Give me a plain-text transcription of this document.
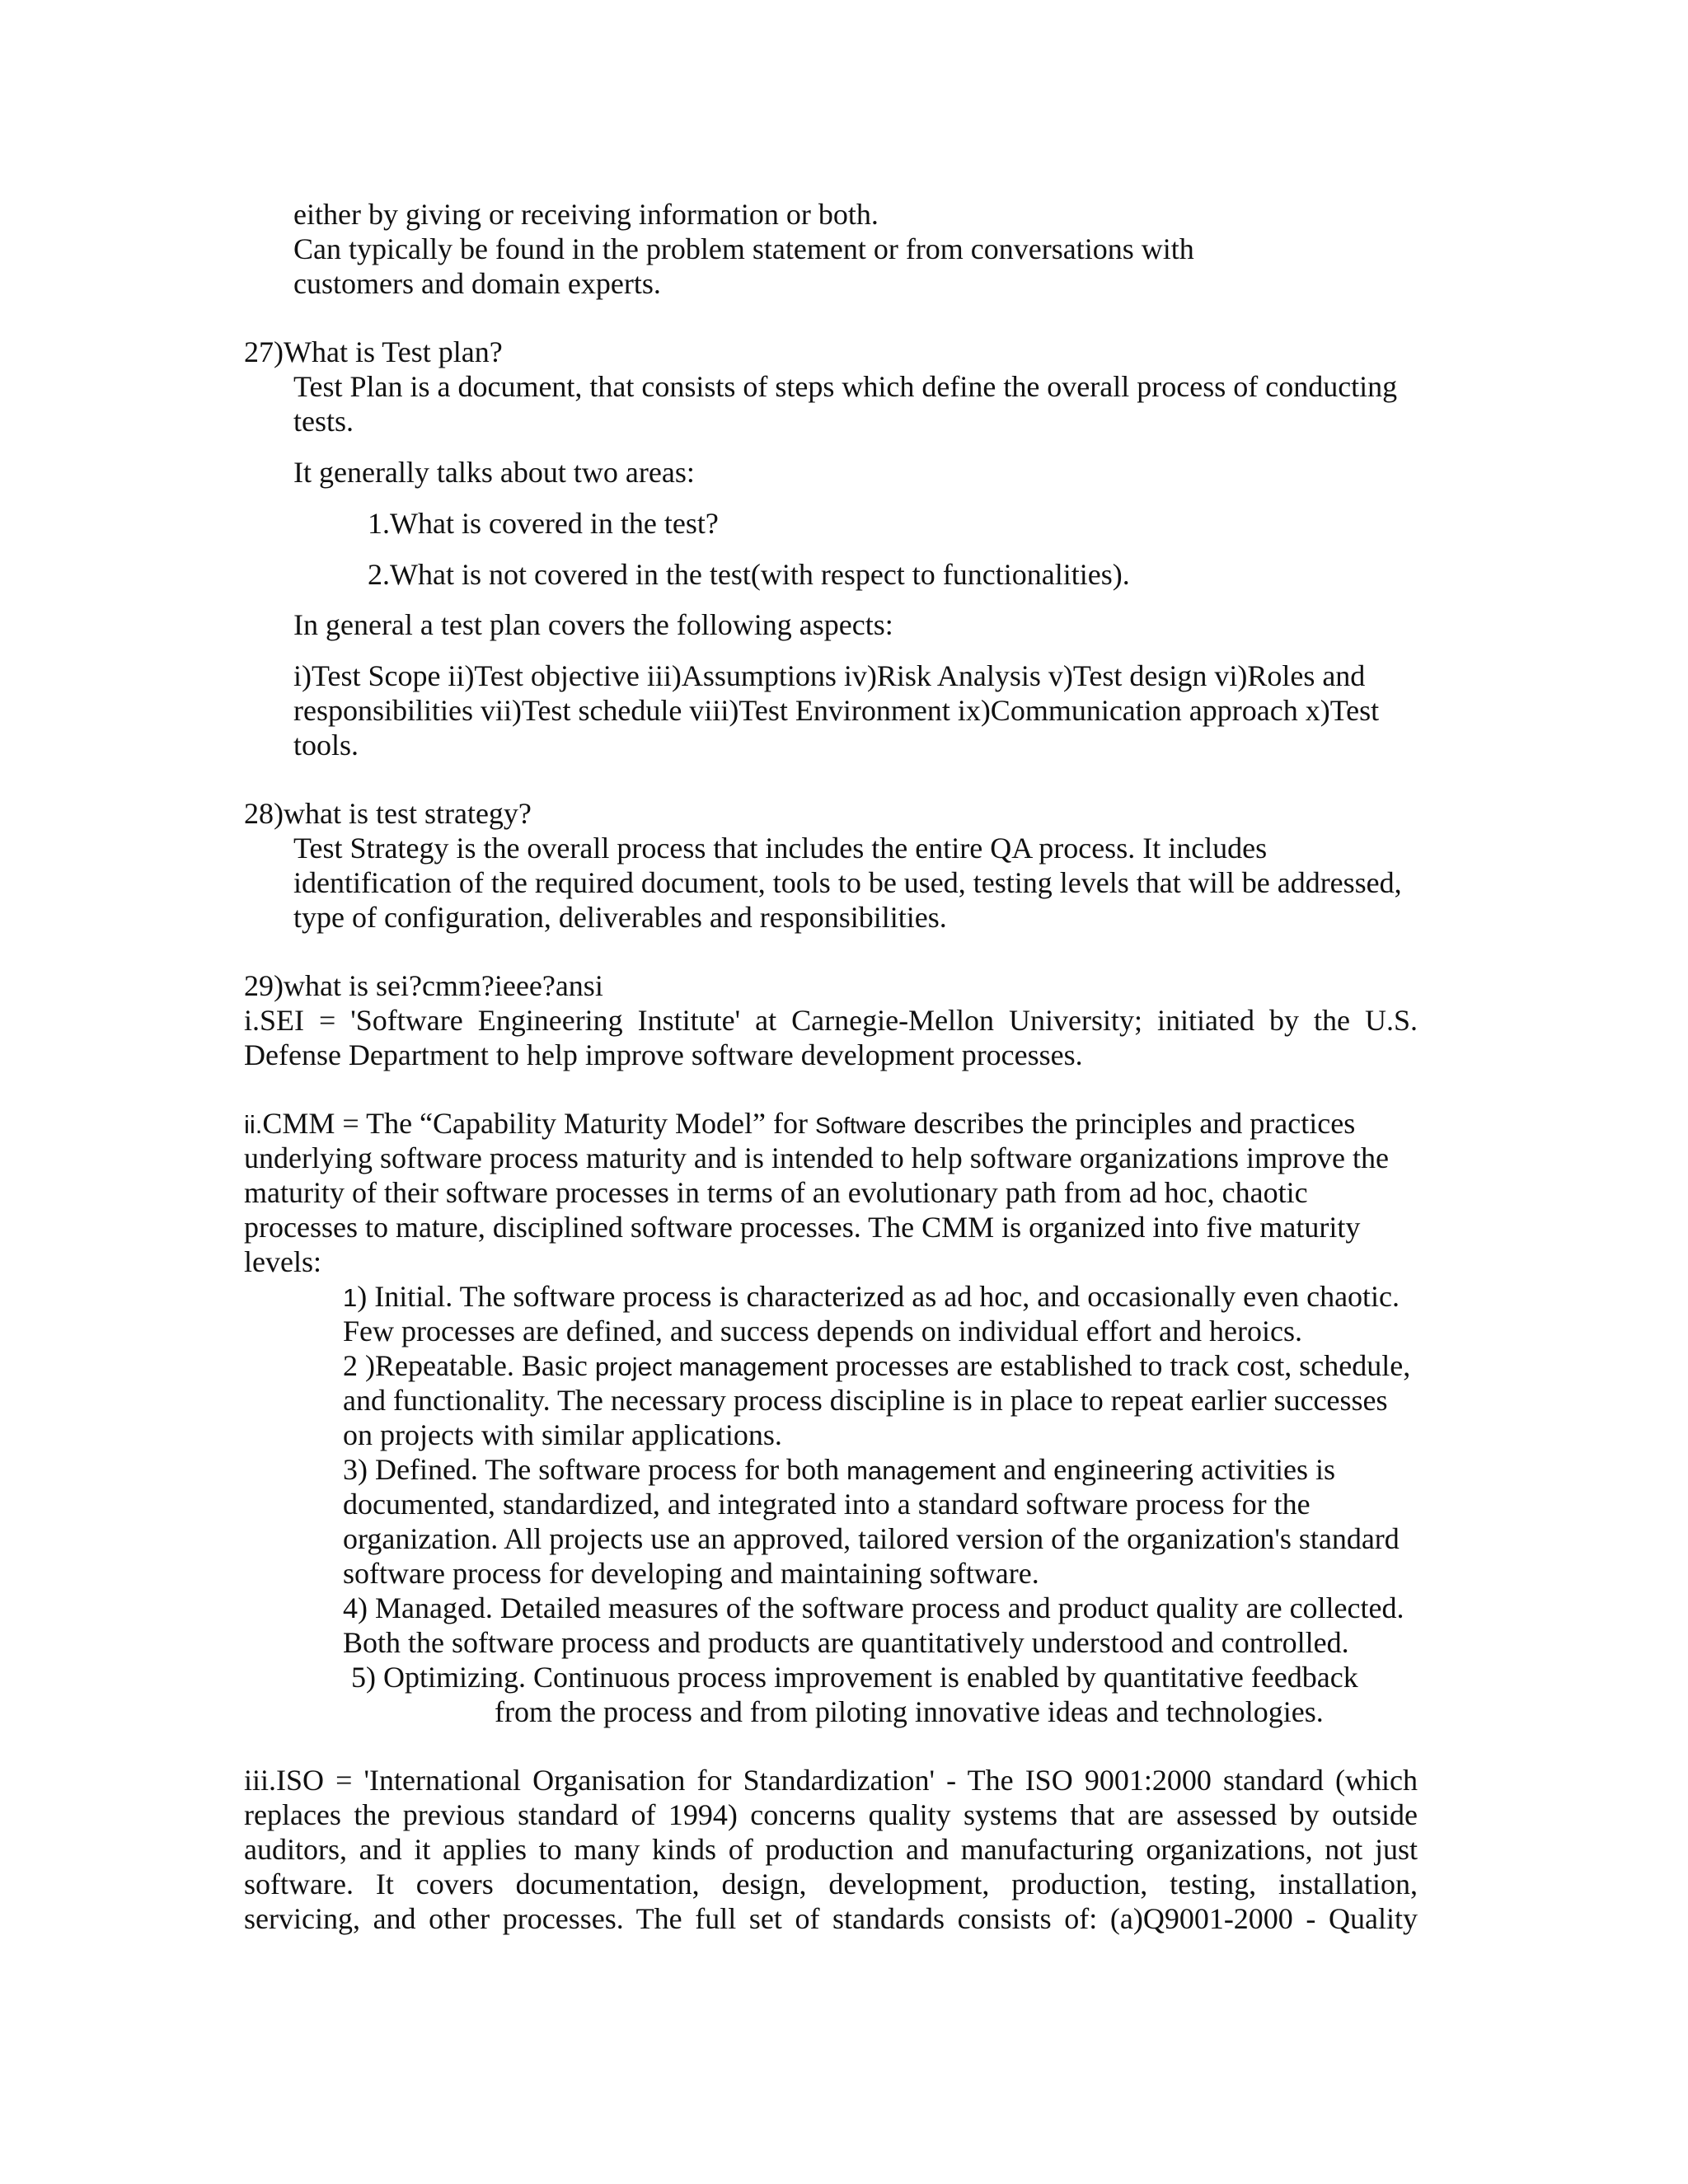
either by giving or receiving information or both.

Can typically be found in the problem statement or from conversations with

customers and domain experts.

27)What is Test plan?

Test Plan is a document, that consists of steps which define the overall process of conducting

tests.

It generally talks about two areas:

1.What is covered in the test?

2.What is not covered in the test(with respect to functionalities).

In general a test plan covers the following aspects:

i)Test Scope ii)Test objective iii)Assumptions iv)Risk Analysis v)Test design vi)Roles and

responsibilities vii)Test schedule viii)Test Environment ix)Communication approach x)Test

tools.

28)what is test strategy?

Test Strategy is the overall process that includes the entire QA process. It includes

identification of the required document, tools to be used, testing levels that will be addressed,

type of configuration, deliverables and responsibilities.

29)what is sei?cmm?ieee?ansi

i.SEI = 'Software Engineering Institute' at Carnegie-Mellon University; initiated by the U.S.

Defense Department to help improve software development processes.

ii.CMM = The “Capability Maturity Model” for Software describes the principles and practices

underlying software process maturity and is intended to help software organizations improve the

maturity of their software processes in terms of an evolutionary path from ad hoc, chaotic

processes to mature, disciplined software processes. The CMM is organized into five maturity

levels:

1) Initial. The software process is characterized as ad hoc, and occasionally even chaotic.

Few processes are defined, and success depends on individual effort and heroics.

2 )Repeatable. Basic project management processes are established to track cost, schedule,

and functionality. The necessary process discipline is in place to repeat earlier successes

on projects with similar applications.

3) Defined. The software process for both management and engineering activities is

documented, standardized, and integrated into a standard software process for the

organization. All projects use an approved, tailored version of the organization's standard

software process for developing and maintaining software.

4) Managed. Detailed measures of the software process and product quality are collected.

Both the software process and products are quantitatively understood and controlled.

5) Optimizing. Continuous process improvement is enabled by quantitative feedback

from the process and from piloting innovative ideas and technologies.

iii.ISO = 'International Organisation for Standardization' - The ISO 9001:2000 standard (which

replaces the previous standard of 1994) concerns quality systems that are assessed by outside

auditors, and it applies to many kinds of production and manufacturing organizations, not just

software. It covers documentation, design, development, production, testing, installation,

servicing, and other processes. The full set of standards consists of: (a)Q9001-2000 - Quality
